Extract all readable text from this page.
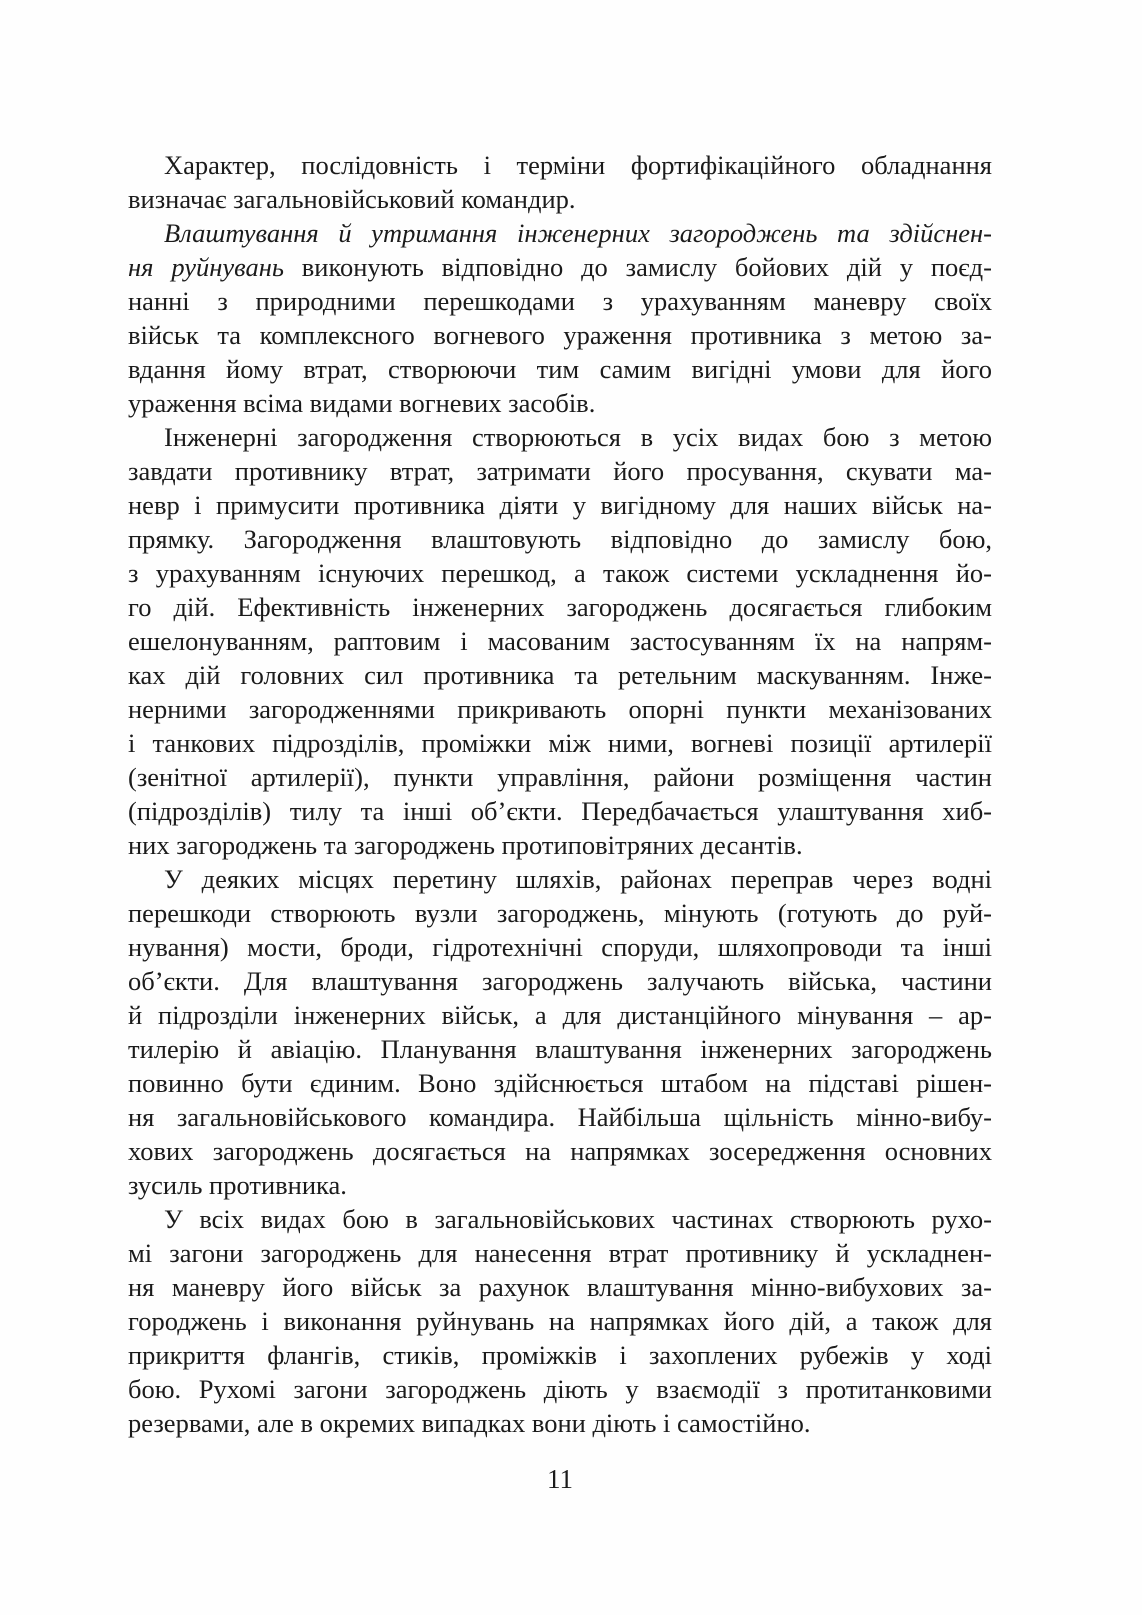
Характер, послідовність і терміни фортифікаційного обладнання
визначає загальновійськовий командир.
Влаштування й утримання інженерних загороджень та здійснен-
ня руйнувань виконують відповідно до замислу бойових дій у поєд-
нанні з природними перешкодами з урахуванням маневру своїх
військ та комплексного вогневого ураження противника з метою за-
вдання йому втрат, створюючи тим самим вигідні умови для його
ураження всіма видами вогневих засобів.
Інженерні загородження створюються в усіх видах бою з метою
завдати противнику втрат, затримати його просування, скувати ма-
невр і примусити противника діяти у вигідному для наших військ на-
прямку. Загородження влаштовують відповідно до замислу бою,
з урахуванням існуючих перешкод, а також системи ускладнення йо-
го дій. Ефективність інженерних загороджень досягається глибоким
ешелонуванням, раптовим і масованим застосуванням їх на напрям-
ках дій головних сил противника та ретельним маскуванням. Інже-
нерними загородженнями прикривають опорні пункти механізованих
і танкових підрозділів, проміжки між ними, вогневі позиції артилерії
(зенітної артилерії), пункти управління, райони розміщення частин
(підрозділів) тилу та інші об’єкти. Передбачається улаштування хиб-
них загороджень та загороджень протиповітряних десантів.
У деяких місцях перетину шляхів, районах переправ через водні
перешкоди створюють вузли загороджень, мінують (готують до руй-
нування) мости, броди, гідротехнічні споруди, шляхопроводи та інші
об’єкти. Для влаштування загороджень залучають війська, частини
й підрозділи інженерних військ, а для дистанційного мінування – ар-
тилерію й авіацію. Планування влаштування інженерних загороджень
повинно бути єдиним. Воно здійснюється штабом на підставі рішен-
ня загальновійськового командира. Найбільша щільність мінно-вибу-
хових загороджень досягається на напрямках зосередження основних
зусиль противника.
У всіх видах бою в загальновійськових частинах створюють рухо-
мі загони загороджень для нанесення втрат противнику й ускладнен-
ня маневру його військ за рахунок влаштування мінно-вибухових за-
городжень і виконання руйнувань на напрямках його дій, а також для
прикриття флангів, стиків, проміжків і захоплених рубежів у ході
бою. Рухомі загони загороджень діють у взаємодії з протитанковими
резервами, але в окремих випадках вони діють і самостійно.
11
